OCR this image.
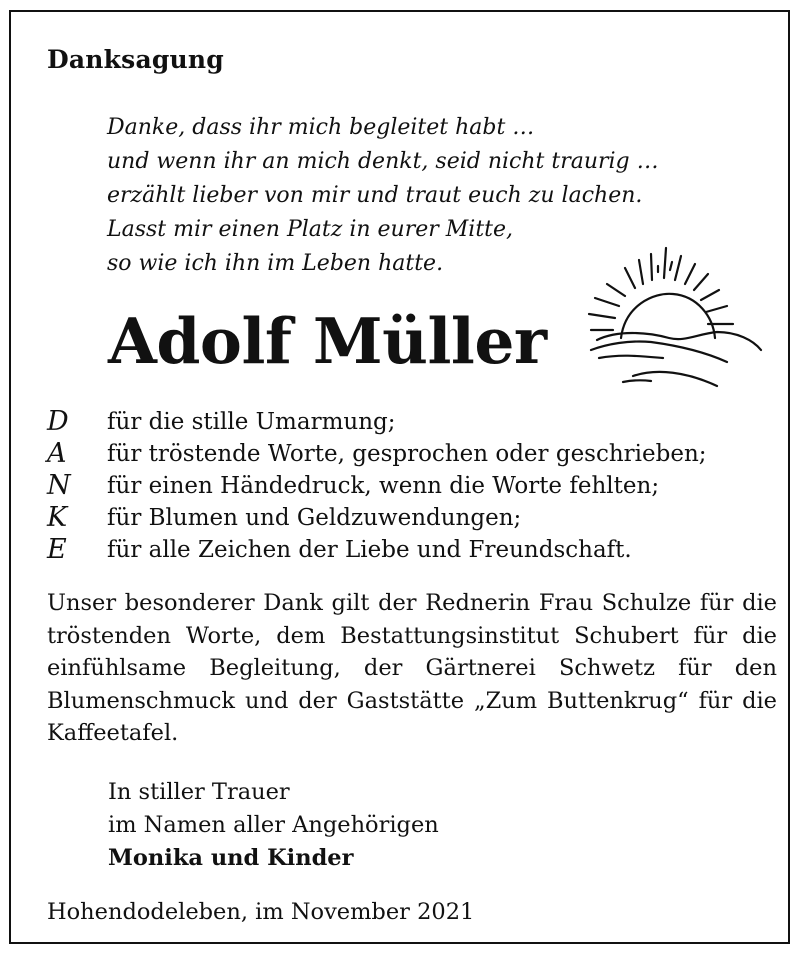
Danksagung
Danke, dass ihr mich begleitet habt …
und wenn ihr an mich denkt, seid nicht traurig …
erzählt lieber von mir und traut euch zu lachen.
Lasst mir einen Platz in eurer Mitte,
so wie ich ihn im Leben hatte.
Adolf Müller
D	für die stille Umarmung;
A	für tröstende Worte, gesprochen oder geschrieben;
N	für einen Händedruck, wenn die Worte fehlten;
K	für Blumen und Geldzuwendungen;
E	für alle Zeichen der Liebe und Freundschaft.
Unser besonderer Dank gilt der Rednerin Frau Schulze für die tröstenden Worte, dem Bestattungsinstitut Schubert für die einfühlsame Begleitung, der Gärtnerei Schwetz für den Blumenschmuck und der Gaststätte „Zum Buttenkrug“ für die Kaffeetafel.
In stiller Trauer
im Namen aller Angehörigen
Monika und Kinder
Hohendodeleben, im November 2021
